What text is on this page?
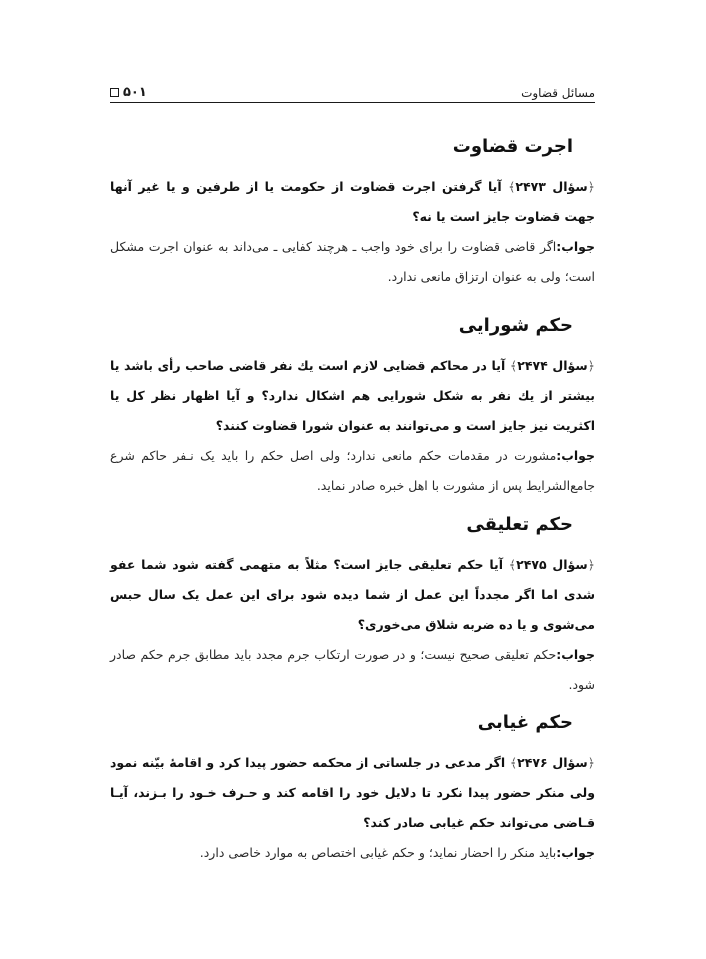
مسائل قضاوت
۵۰۱
اجرت قضاوت

﴿سؤال ۲۴۷۳﴾ آيا گرفتن اجرت قضاوت از حكومت يا از طرفين و يا غير آنها جهت قضاوت جايز است يا نه؟

جواب:اگر قاضى قضاوت را براى خود واجب ـ هرچند كفايى ـ مى‌داند به عنوان اجرت مشكل است؛ ولى به عنوان ارتزاق مانعى ندارد.

حكم شورايى

﴿سؤال ۲۴۷۴﴾ آيا در محاكم قضايى لازم است يك نفر قاضى صاحب رأى باشد يا بيشتر از يك نفر به شكل شورايى هم اشكال ندارد؟ و آيا اظهار نظر كل يا اكثريت نيز جايز است و مى‌توانند به عنوان شورا قضاوت كنند؟

جواب:مشورت در مقدمات حكم مانعى ندارد؛ ولى اصل حكم را بايد يک نـفر حاكم شرع جامع‌الشرايط پس از مشورت با اهل خبره صادر نمايد.

حكم تعليقى

﴿سؤال ۲۴۷۵﴾ آيا حكم تعليقى جايز است؟ مثلاً به متهمى گفته شود شما عفو شدى اما اگر مجدداً اين عمل از شما ديده شود براى اين عمل يک سال حبس مى‌شوى و يا ده ضربه شلاق مى‌خورى؟

جواب:حكم تعليقى صحيح نيست؛ و در صورت ارتكاب جرم مجدد بايد مطابق جرم حكم صادر شود.

حكم غيابى

﴿سؤال ۲۴۷۶﴾ اگر مدعى در جلساتى از محكمه حضور پيدا كرد و اقامهٔ بيّنه نمود ولى منكر حضور پيدا نكرد تا دلايل خود را اقامه كند و حـرف خـود را بـزند، آيـا قـاضى مى‌تواند حكم غيابى صادر كند؟

جواب:بايد منكر را احضار نمايد؛ و حكم غيابى اختصاص به موارد خاصى دارد.
